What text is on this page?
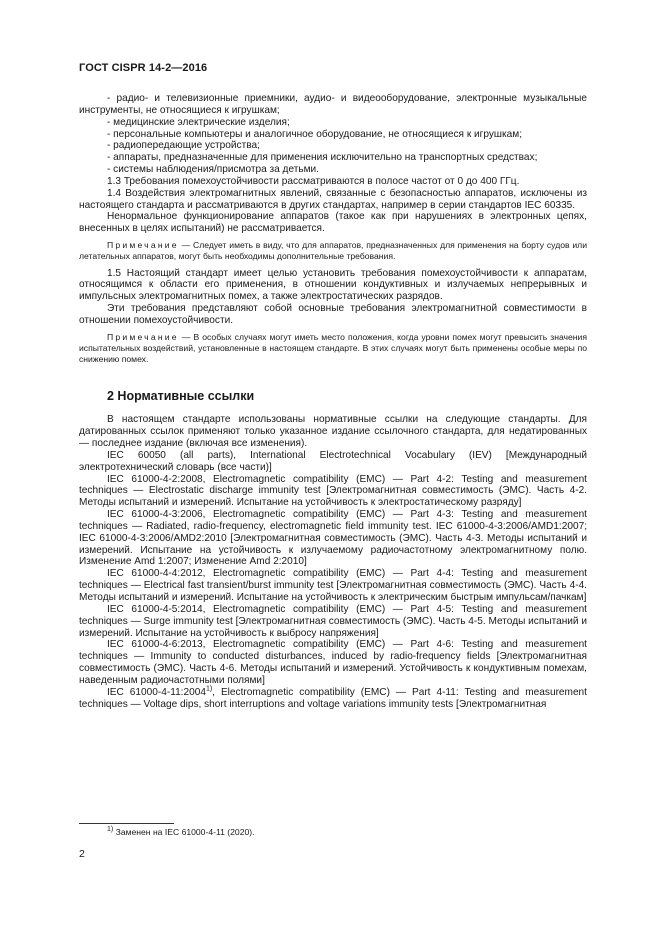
ГОСТ CISPR 14-2—2016

- радио- и телевизионные приемники, аудио- и видеооборудование, электронные музыкальные инструменты, не относящиеся к игрушкам;

- медицинские электрические изделия;

- персональные компьютеры и аналогичное оборудование, не относящиеся к игрушкам;

- радиопередающие устройства;

- аппараты, предназначенные для применения исключительно на транспортных средствах;

- системы наблюдения/присмотра за детьми.

1.3 Требования помехоустойчивости рассматриваются в полосе частот от 0 до 400 ГГц.

1.4 Воздействия электромагнитных явлений, связанные с безопасностью аппаратов, исключены из настоящего стандарта и рассматриваются в других стандартах, например в серии стандартов IEC 60335.

Ненормальное функционирование аппаратов (такое как при нарушениях в электронных цепях, внесенных в целях испытаний) не рассматривается.

Примечание — Следует иметь в виду, что для аппаратов, предназначенных для применения на борту судов или летательных аппаратов, могут быть необходимы дополнительные требования.

1.5 Настоящий стандарт имеет целью установить требования помехоустойчивости к аппаратам, относящимся к области его применения, в отношении кондуктивных и излучаемых непрерывных и импульсных электромагнитных помех, а также электростатических разрядов.

Эти требования представляют собой основные требования электромагнитной совместимости в отношении помехоустойчивости.

Примечание — В особых случаях могут иметь место положения, когда уровни помех могут превысить значения испытательных воздействий, установленные в настоящем стандарте. В этих случаях могут быть применены особые меры по снижению помех.

2 Нормативные ссылки

В настоящем стандарте использованы нормативные ссылки на следующие стандарты. Для датированных ссылок применяют только указанное издание ссылочного стандарта, для недатированных — последнее издание (включая все изменения).

IEC 60050 (all parts), International Electrotechnical Vocabulary (IEV) [Международный электротехнический словарь (все части)]

IEC 61000-4-2:2008, Electromagnetic compatibility (EMC) — Part 4-2: Testing and measurement techniques — Electrostatic discharge immunity test [Электромагнитная совместимость (ЭМС). Часть 4-2. Методы испытаний и измерений. Испытание на устойчивость к электростатическому разряду]

IEC 61000-4-3:2006, Electromagnetic compatibility (EMC) — Part 4-3: Testing and measurement techniques — Radiated, radio-frequency, electromagnetic field immunity test. IEC 61000-4-3:2006/AMD1:2007; IEC 61000-4-3:2006/AMD2:2010 [Электромагнитная совместимость (ЭМС). Часть 4-3. Методы испытаний и измерений. Испытание на устойчивость к излучаемому радиочастотному электромагнитному полю. Изменение Amd 1:2007; Изменение Amd 2:2010]

IEC 61000-4-4:2012, Electromagnetic compatibility (EMC) — Part 4-4: Testing and measurement techniques — Electrical fast transient/burst immunity test [Электромагнитная совместимость (ЭМС). Часть 4-4. Методы испытаний и измерений. Испытание на устойчивость к электрическим быстрым импульсам/пачкам]

IEC 61000-4-5:2014, Electromagnetic compatibility (EMC) — Part 4-5: Testing and measurement techniques — Surge immunity test [Электромагнитная совместимость (ЭМС). Часть 4-5. Методы испытаний и измерений. Испытание на устойчивость к выбросу напряжения]

IEC 61000-4-6:2013, Electromagnetic compatibility (EMC) — Part 4-6: Testing and measurement techniques — Immunity to conducted disturbances, induced by radio-frequency fields [Электромагнитная совместимость (ЭМС). Часть 4-6. Методы испытаний и измерений. Устойчивость к кондуктивным помехам, наведенным радиочастотными полями]

IEC 61000-4-11:2004$^{1)}$, Electromagnetic compatibility (EMC) — Part 4-11: Testing and measurement techniques — Voltage dips, short interruptions and voltage variations immunity tests [Электромагнитная

$^{1)}$ Заменен на IEC 61000-4-11 (2020).
2
